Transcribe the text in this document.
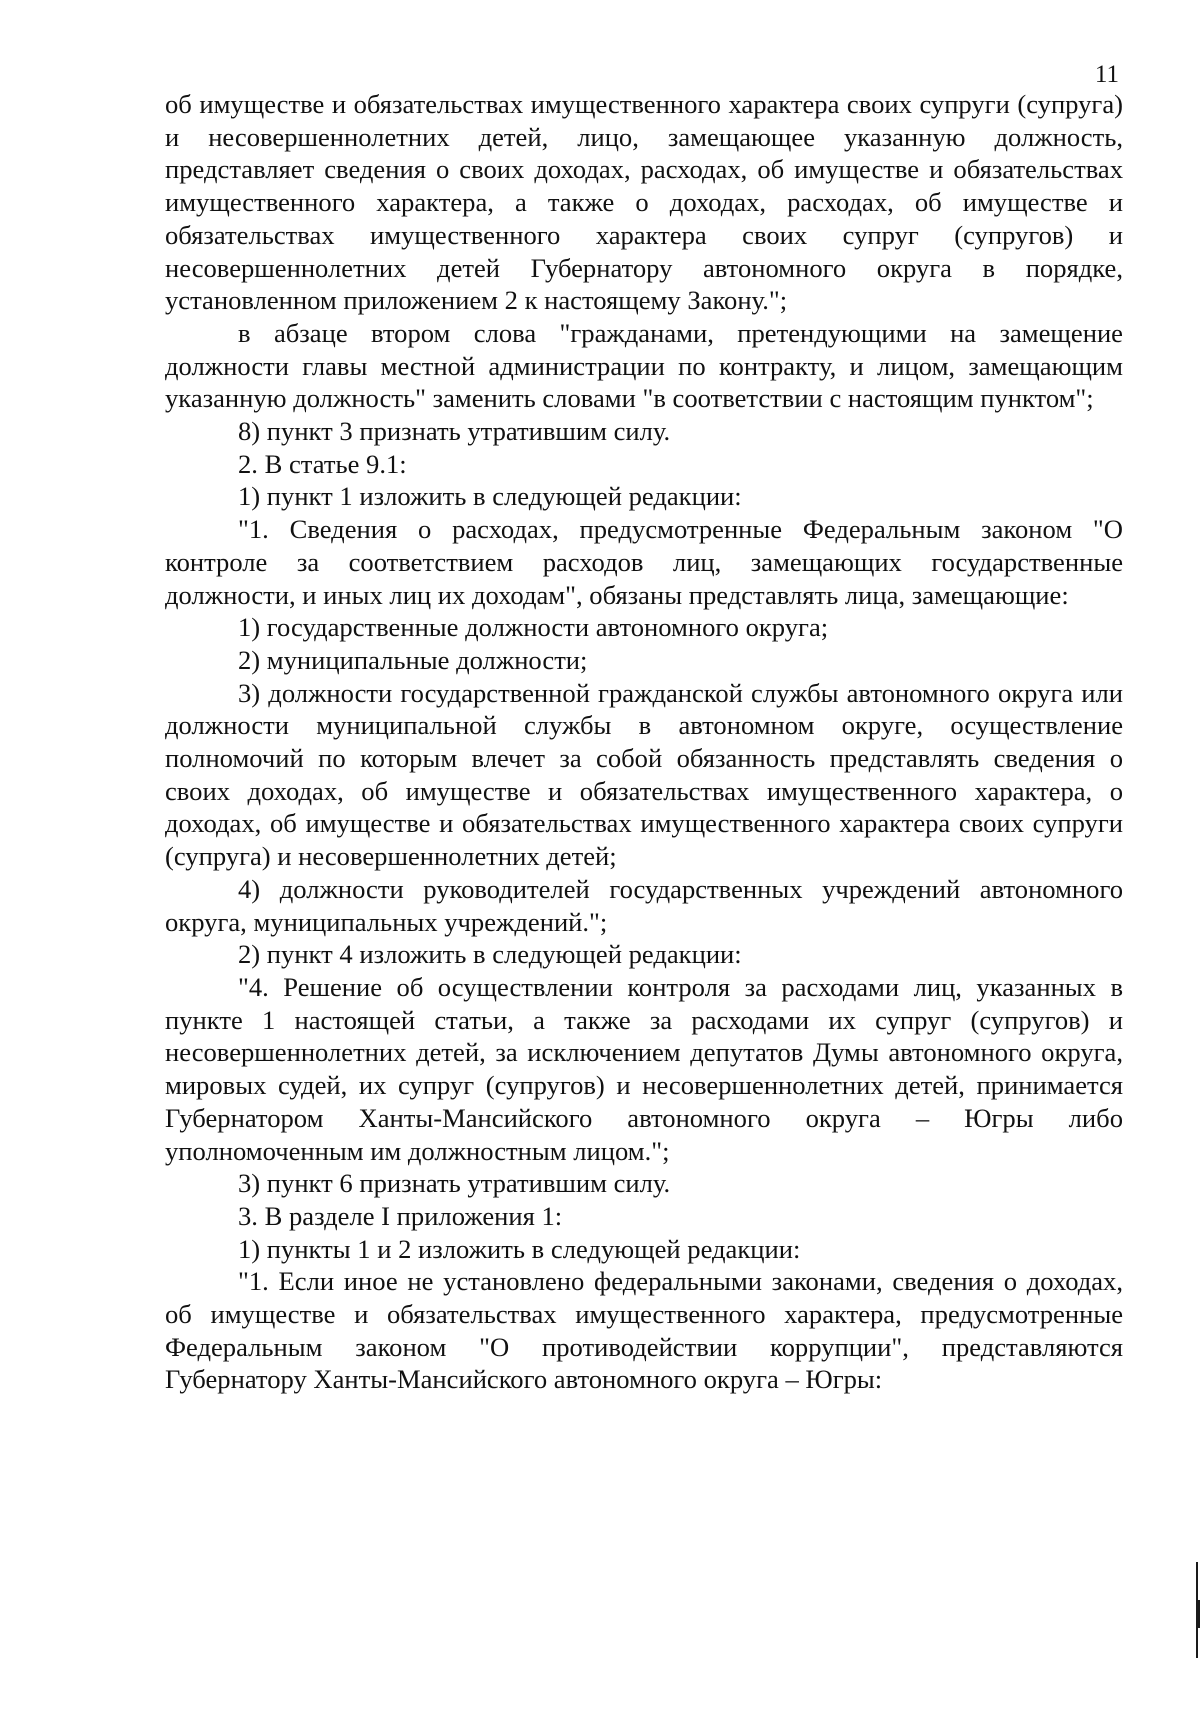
11

об имуществе и обязательствах имущественного характера своих супруги (супруга) и несовершеннолетних детей, лицо, замещающее указанную должность, представляет сведения о своих доходах, расходах, об имуществе и обязательствах имущественного характера, а также о доходах, расходах, об имуществе и обязательствах имущественного характера своих супруг (супругов) и несовершеннолетних детей Губернатору автономного округа в порядке, установленном приложением 2 к настоящему Закону.";

в абзаце втором слова "гражданами, претендующими на замещение должности главы местной администрации по контракту, и лицом, замещающим указанную должность" заменить словами "в соответствии с настоящим пунктом";

8) пункт 3 признать утратившим силу.

2. В статье 9.1:

1) пункт 1 изложить в следующей редакции:

"1. Сведения о расходах, предусмотренные Федеральным законом "О контроле за соответствием расходов лиц, замещающих государственные должности, и иных лиц их доходам", обязаны представлять лица, замещающие:

1) государственные должности автономного округа;

2) муниципальные должности;

3) должности государственной гражданской службы автономного округа или должности муниципальной службы в автономном округе, осуществление полномочий по которым влечет за собой обязанность представлять сведения о своих доходах, об имуществе и обязательствах имущественного характера, о доходах, об имуществе и обязательствах имущественного характера своих супруги (супруга) и несовершеннолетних детей;

4) должности руководителей государственных учреждений автономного округа, муниципальных учреждений.";

2) пункт 4 изложить в следующей редакции:

"4. Решение об осуществлении контроля за расходами лиц, указанных в пункте 1 настоящей статьи, а также за расходами их супруг (супругов) и несовершеннолетних детей, за исключением депутатов Думы автономного округа, мировых судей, их супруг (супругов) и несовершеннолетних детей, принимается Губернатором Ханты-Мансийского автономного округа – Югры либо уполномоченным им должностным лицом.";

3) пункт 6 признать утратившим силу.

3. В разделе I приложения 1:

1) пункты 1 и 2 изложить в следующей редакции:

"1. Если иное не установлено федеральными законами, сведения о доходах, об имуществе и обязательствах имущественного характера, предусмотренные Федеральным законом "О противодействии коррупции", представляются Губернатору Ханты-Мансийского автономного округа – Югры:
